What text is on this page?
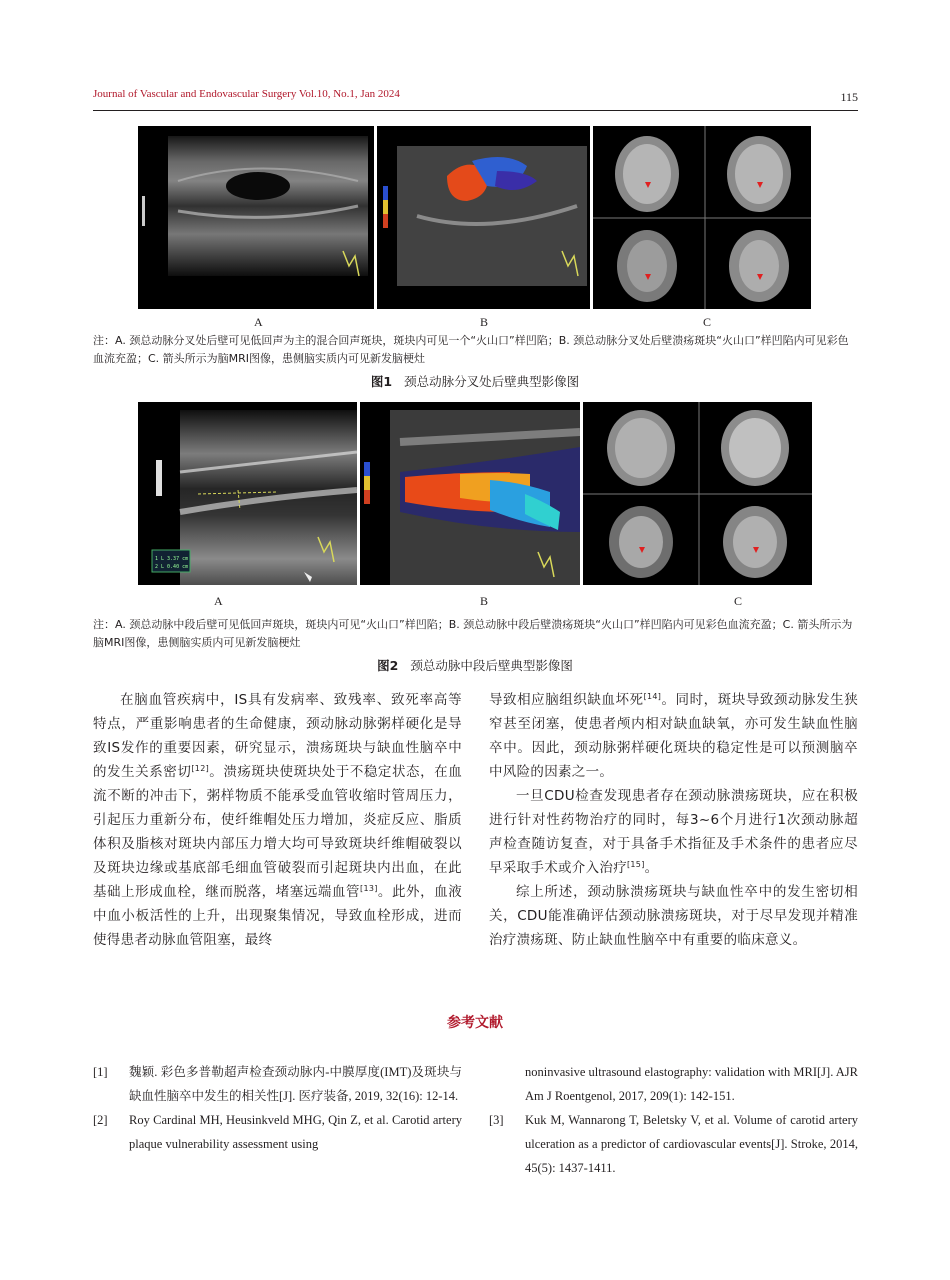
Journal of Vascular and Endovascular Surgery Vol.10, No.1, Jan 2024	115
A	B	C
注：A. 颈总动脉分叉处后壁可见低回声为主的混合回声斑块，斑块内可见一个“火山口”样凹陷；B. 颈总动脉分叉处后壁溃疡斑块“火山口”样凹陷内可见彩色血流充盈；C. 箭头所示为脑MRI图像，患侧脑实质内可见新发脑梗灶
图1 颈总动脉分叉处后壁典型影像图
1 L 3.37 cm
2 L 0.40 cm
A	B	C
注：A. 颈总动脉中段后壁可见低回声斑块，斑块内可见“火山口”样凹陷；B. 颈总动脉中段后壁溃疡斑块“火山口”样凹陷内可见彩色血流充盈；C. 箭头所示为脑MRI图像，患侧脑实质内可见新发脑梗灶
图2 颈总动脉中段后壁典型影像图

在脑血管疾病中，IS具有发病率、致残率、致死率高等特点，严重影响患者的生命健康，颈动脉动脉粥样硬化是导致IS发作的重要因素，研究显示，溃疡斑块与缺血性脑卒中的发生关系密切[12]。溃疡斑块使斑块处于不稳定状态，在血流不断的冲击下，粥样物质不能承受血管收缩时管周压力，引起压力重新分布，使纤维帽处压力增加，炎症反应、脂质体积及脂核对斑块内部压力增大均可导致斑块纤维帽破裂以及斑块边缘或基底部毛细血管破裂而引起斑块内出血，在此基础上形成血栓，继而脱落，堵塞远端血管[13]。此外，血液中血小板活性的上升，出现聚集情况，导致血栓形成，进而使得患者动脉血管阻塞，最终

导致相应脑组织缺血坏死[14]。同时，斑块导致颈动脉发生狭窄甚至闭塞，使患者颅内相对缺血缺氧，亦可发生缺血性脑卒中。因此，颈动脉粥样硬化斑块的稳定性是可以预测脑卒中风险的因素之一。

一旦CDU检查发现患者存在颈动脉溃疡斑块，应在积极进行针对性药物治疗的同时，每3~6个月进行1次颈动脉超声检查随访复查，对于具备手术指征及手术条件的患者应尽早采取手术或介入治疗[15]。

综上所述，颈动脉溃疡斑块与缺血性卒中的发生密切相关，CDU能准确评估颈动脉溃疡斑块，对于尽早发现并精准治疗溃疡斑、防止缺血性脑卒中有重要的临床意义。

参考文献
[1] 魏颖. 彩色多普勒超声检查颈动脉内-中膜厚度(IMT)及斑块与缺血性脑卒中发生的相关性[J]. 医疗装备, 2019, 32(16): 12-14.
[2] Roy Cardinal MH, Heusinkveld MHG, Qin Z, et al. Carotid artery plaque vulnerability assessment using
noninvasive ultrasound elastography: validation with MRI[J]. AJR Am J Roentgenol, 2017, 209(1): 142-151.
[3] Kuk M, Wannarong T, Beletsky V, et al. Volume of carotid artery ulceration as a predictor of cardiovascular events[J]. Stroke, 2014, 45(5): 1437-1411.
